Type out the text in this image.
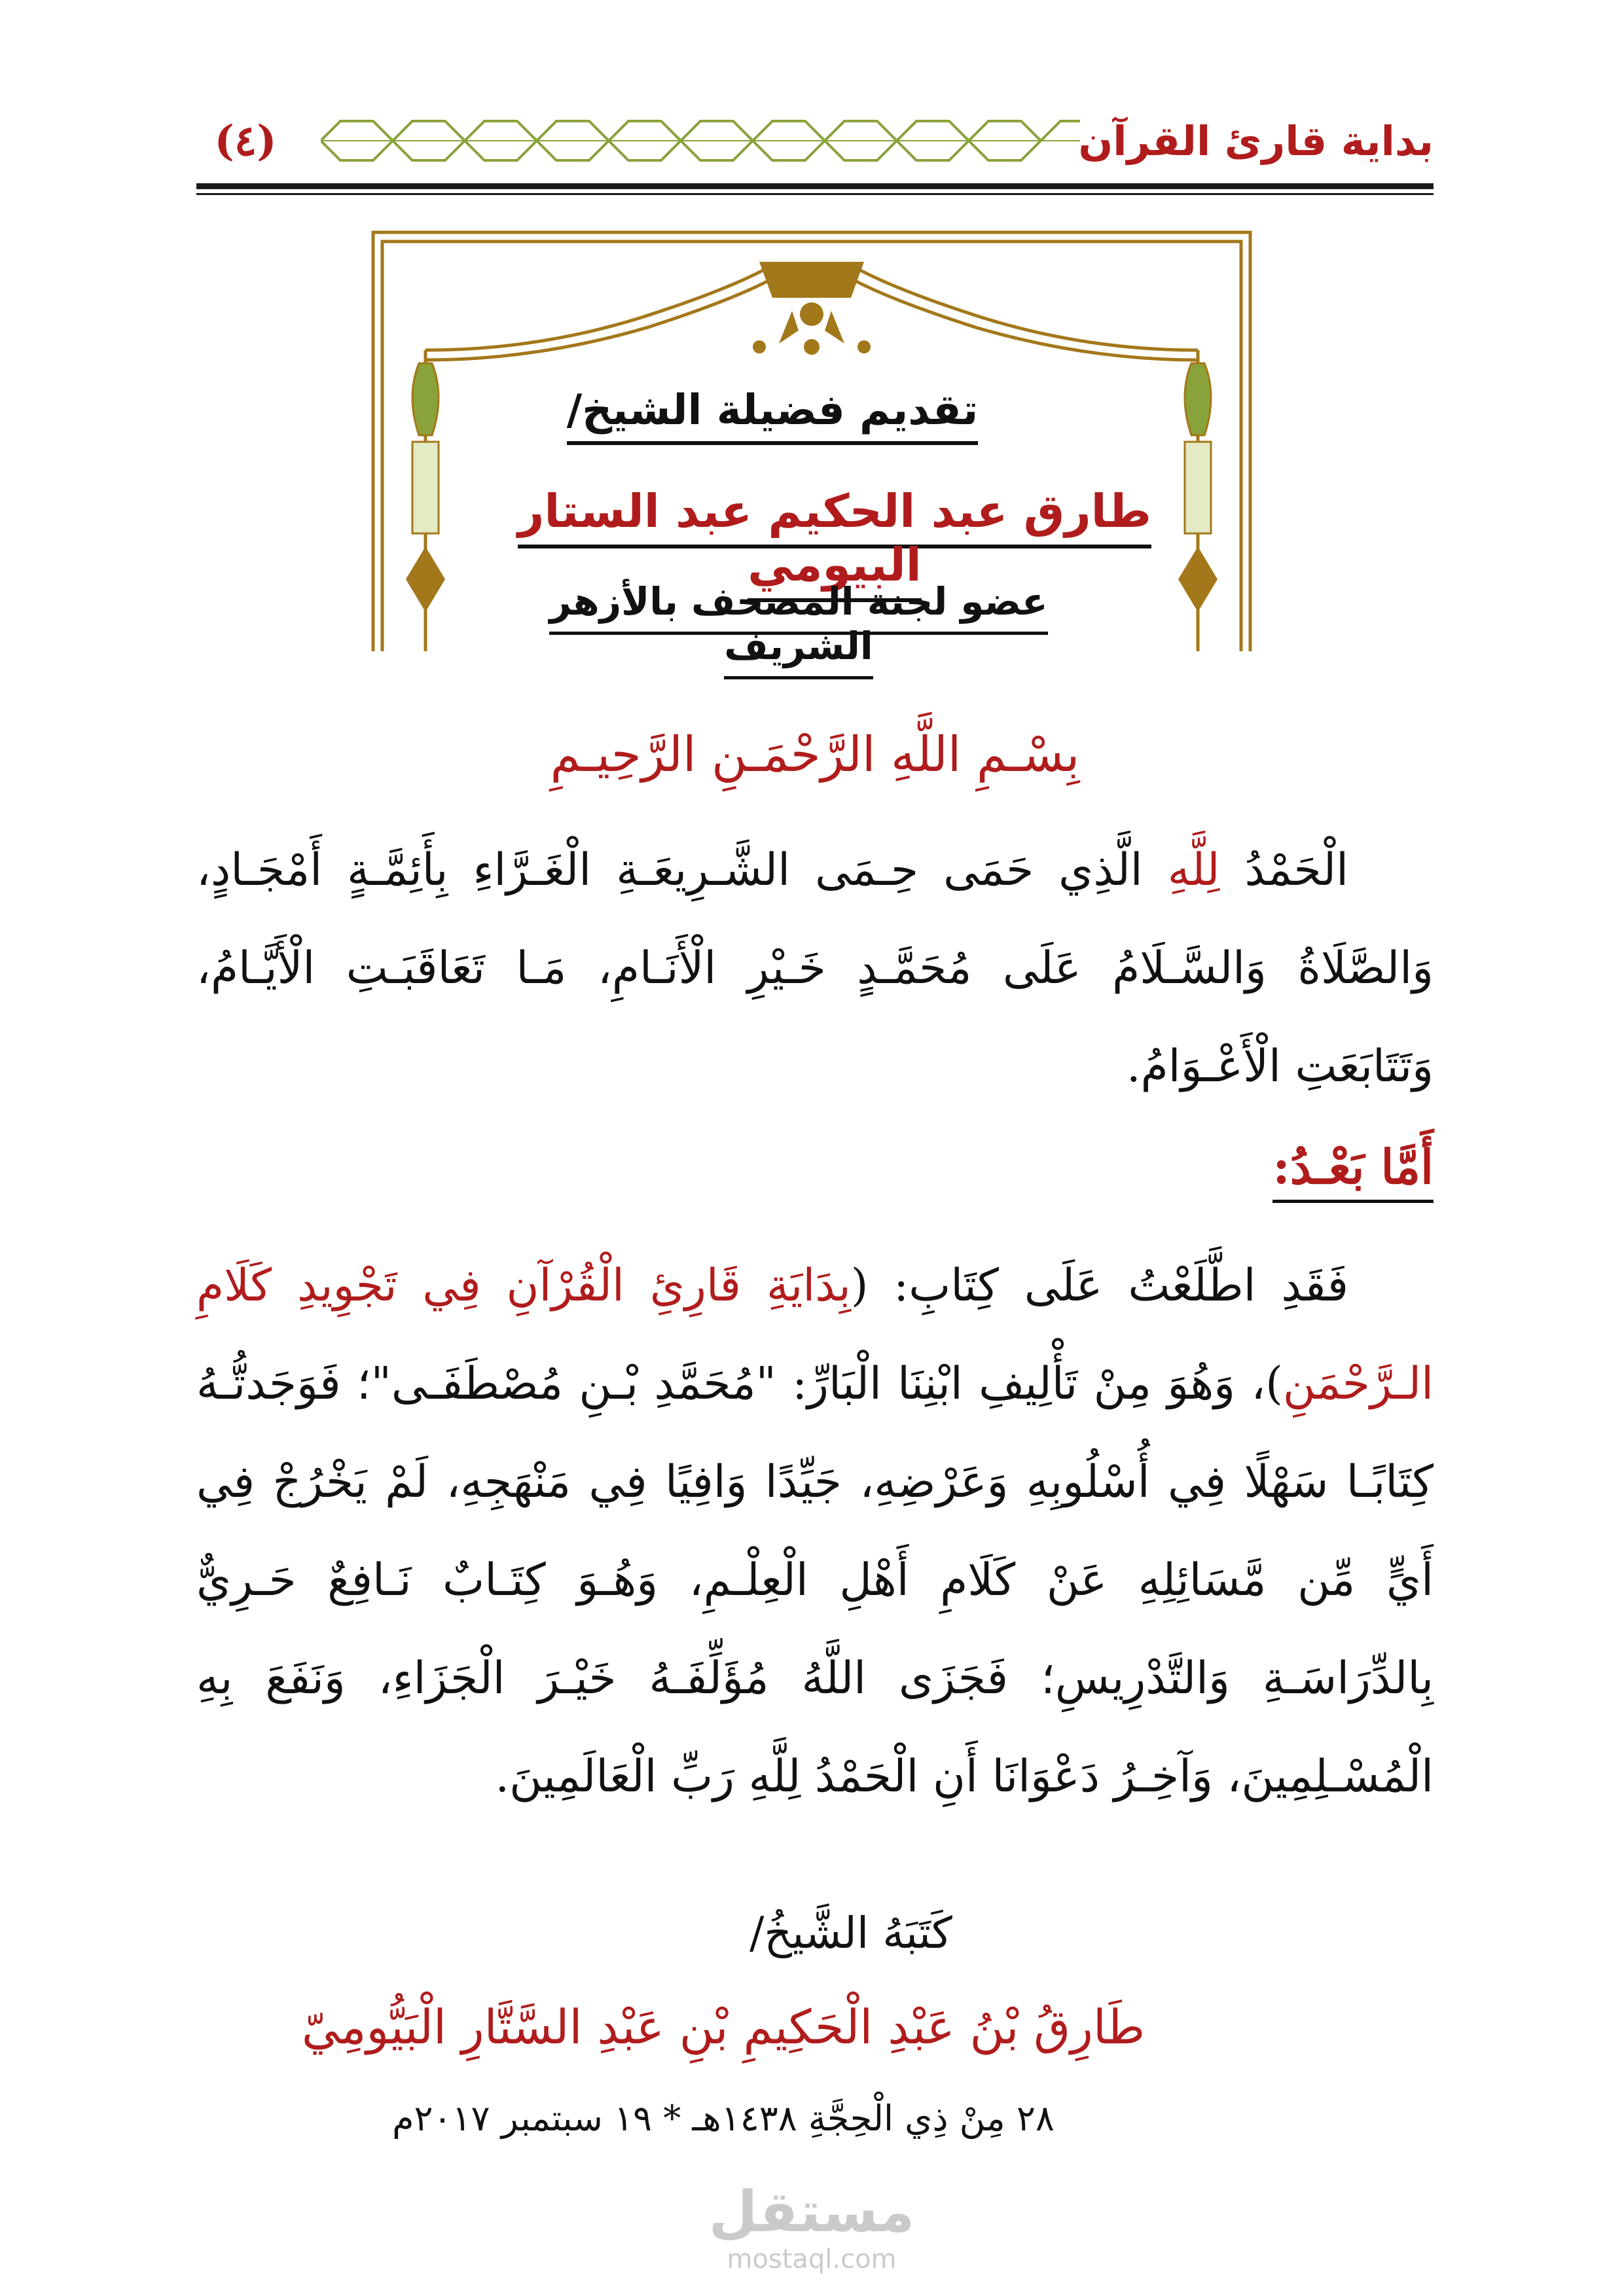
(٤)	بداية قارئ القرآن
تقديم فضيلة الشيخ/
طارق عبد الحكيم عبد الستار البيومي
عضو لجنة المصحف بالأزهر الشريف
بِسْـمِ اللَّهِ الرَّحْمَـنِ الرَّحِيـمِ
الْحَمْدُ لِلَّهِ الَّذِي حَمَى حِـمَى الشَّـرِيعَـةِ الْغَـرَّاءِ بِأَئِمَّـةٍ أَمْجَـادٍ، وَالصَّلَاةُ وَالسَّـلَامُ عَلَى مُحَمَّـدٍ خَـيْرِ الْأَنَـامِ، مَـا تَعَاقَبَـتِ الْأَيَّـامُ، وَتَتَابَعَتِ الْأَعْـوَامُ.
أَمَّا بَعْـدُ:
فَقَدِ اطَّلَعْتُ عَلَى كِتَابِ: (بِدَايَةِ قَارِئِ الْقُرْآنِ فِي تَجْوِيدِ كَلَامِ الـرَّحْمَنِ)، وَهُوَ مِنْ تَأْلِيفِ ابْنِنَا الْبَارِّ: "مُحَمَّدِ بْـنِ مُصْطَفَـى"؛ فَوَجَدتُّـهُ كِتَابًـا سَهْلًا فِي أُسْلُوبِهِ وَعَرْضِهِ، جَيِّدًا وَافِيًا فِي مَنْهَجِهِ، لَمْ يَخْرُجْ فِي أَيٍّ مِّن مَّسَائِلِهِ عَنْ كَلَامِ أَهْلِ الْعِلْـمِ، وَهُـوَ كِتَـابٌ نَـافِعٌ حَـرِيٌّ بِالدِّرَاسَـةِ وَالتَّدْرِيسِ؛ فَجَزَى اللَّهُ مُؤَلِّفَـهُ خَيْـرَ الْجَزَاءِ، وَنَفَعَ بِهِ الْمُسْـلِمِينَ، وَآخِـرُ دَعْوَانَا أَنِ الْحَمْدُ لِلَّهِ رَبِّ الْعَالَمِينَ.
كَتَبَهُ الشَّيخُ/
طَارِقُ بْنُ عَبْدِ الْحَكِيمِ بْنِ عَبْدِ السَّتَّارِ الْبَيُّومِيّ
٢٨ مِنْ ذِي الْحِجَّةِ ١٤٣٨هـ * ١٩ سبتمبر ٢٠١٧م
مستقل
mostaql.com
